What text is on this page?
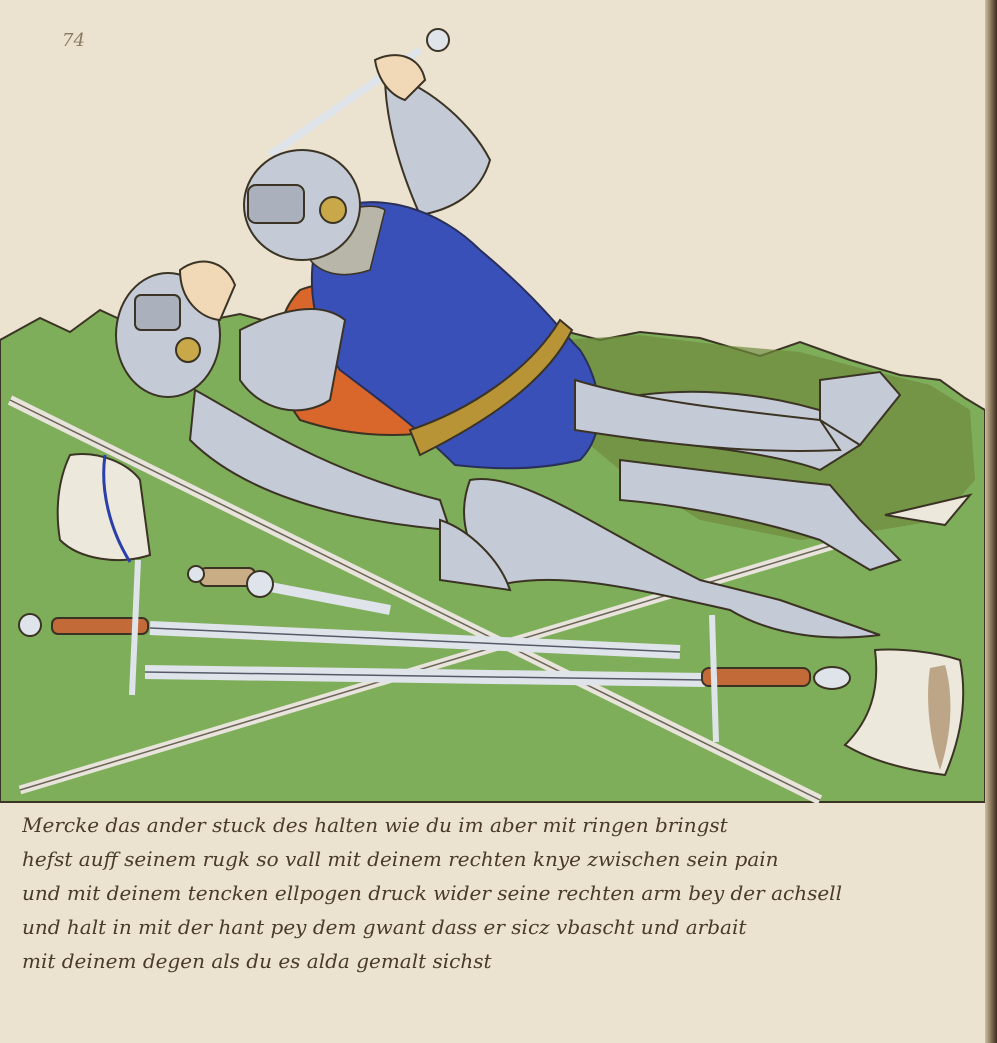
74
Mercke das ander stuck des halten wie du im aber mit ringen bringst
hefst auff seinem rugk so vall mit deinem rechten knye zwischen sein pain
und mit deinem tencken ellpogen druck wider seine rechten arm bey der achsell
und halt in mit der hant pey dem gwant dass er sicz vbascht und arbait
mit deinem degen als du es alda gemalt sichst
